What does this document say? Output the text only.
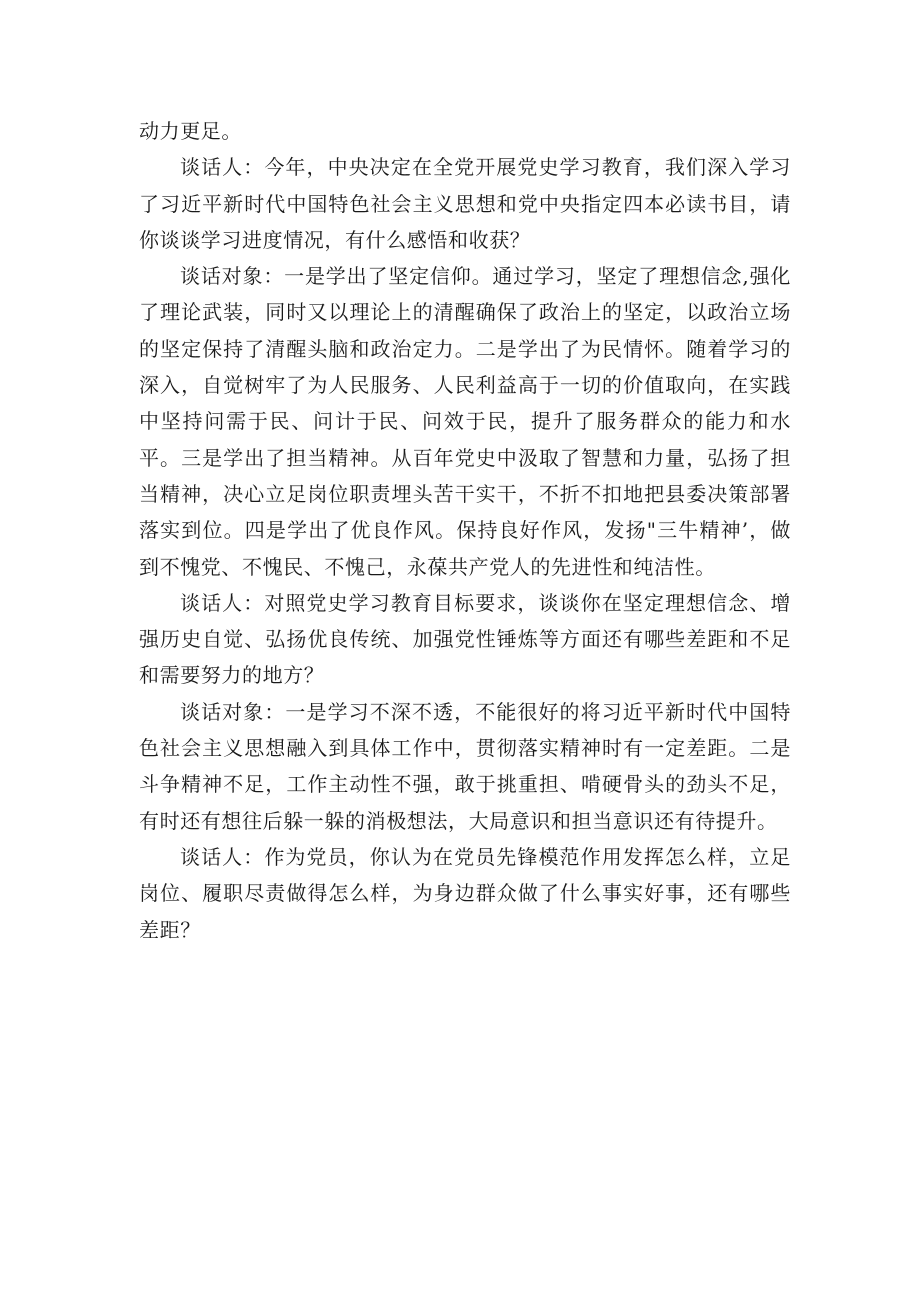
动力更足。

谈话人：今年，中央决定在全党开展党史学习教育，我们深入学习了习近平新时代中国特色社会主义思想和党中央指定四本必读书目，请你谈谈学习进度情况，有什么感悟和收获？

谈话对象：一是学出了坚定信仰。通过学习，坚定了理想信念,强化了理论武装，同时又以理论上的清醒确保了政治上的坚定，以政治立场的坚定保持了清醒头脑和政治定力。二是学出了为民情怀。随着学习的深入，自觉树牢了为人民服务、人民利益高于一切的价值取向，在实践中坚持问需于民、问计于民、问效于民，提升了服务群众的能力和水平。三是学出了担当精神。从百年党史中汲取了智慧和力量，弘扬了担当精神，决心立足岗位职责埋头苦干实干，不折不扣地把县委决策部署落实到位。四是学出了优良作风。保持良好作风，发扬"三牛精神’，做到不愧党、不愧民、不愧己，永葆共产党人的先进性和纯洁性。

谈话人：对照党史学习教育目标要求，谈谈你在坚定理想信念、增强历史自觉、弘扬优良传统、加强党性锤炼等方面还有哪些差距和不足和需要努力的地方？

谈话对象：一是学习不深不透，不能很好的将习近平新时代中国特色社会主义思想融入到具体工作中，贯彻落实精神时有一定差距。二是斗争精神不足，工作主动性不强，敢于挑重担、啃硬骨头的劲头不足，有时还有想往后躲一躲的消极想法，大局意识和担当意识还有待提升。

谈话人：作为党员，你认为在党员先锋模范作用发挥怎么样，立足岗位、履职尽责做得怎么样，为身边群众做了什么事实好事，还有哪些差距？
